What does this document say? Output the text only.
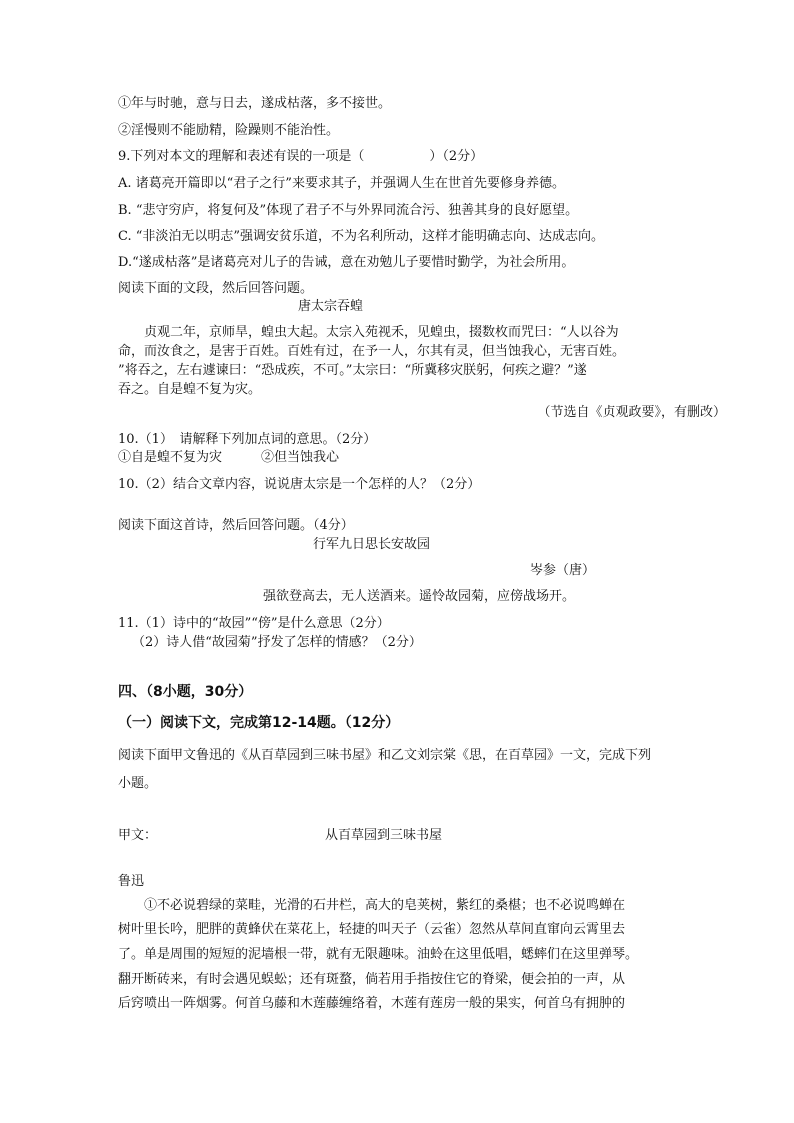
①年与时驰，意与日去，遂成枯落，多不接世。
②淫慢则不能励精，险躁则不能治性。
9.下列对本文的理解和表述有误的一项是（　　　　　）（2分）
A. 诸葛亮开篇即以“君子之行”来要求其子，并强调人生在世首先要修身养德。
B. “悲守穷庐，将复何及”体现了君子不与外界同流合污、独善其身的良好愿望。
C. “非淡泊无以明志”强调安贫乐道，不为名利所动，这样才能明确志向、达成志向。
D.“遂成枯落”是诸葛亮对儿子的告诫，意在劝勉儿子要惜时勤学，为社会所用。
阅读下面的文段，然后回答问题。
唐太宗吞蝗
　　贞观二年，京师旱，蝗虫大起。太宗入苑视禾，见蝗虫，掇数枚而咒曰：“人以谷为
命，而汝食之，是害于百姓。百姓有过，在予一人，尔其有灵，但当蚀我心，无害百姓。
”将吞之，左右遽谏曰：“恐成疾，不可。”太宗曰：“所冀移灾朕躬，何疾之避？”遂
吞之。自是蝗不复为灾。
（节选自《贞观政要》，有删改）
10.（1）　请解释下列加点词的意思。（2分）
①自是蝗不复为灾　　　②但当蚀我心
10.（2）结合文章内容，说说唐太宗是一个怎样的人？（2分）
阅读下面这首诗，然后回答问题。（4分）
行军九日思长安故园
岑参（唐）
强欲登高去，无人送酒来。遥怜故园菊，应傍战场开。
11.（1）诗中的“故园”“傍”是什么意思（2分）
（2）诗人借“故园菊”抒发了怎样的情感？（2分）
四、（8小题，30分）
（一）阅读下文，完成第12-14题。（12分）
阅读下面甲文鲁迅的《从百草园到三味书屋》和乙文刘宗棠《思，在百草园》一文，完成下列
小题。
甲文：	从百草园到三味书屋
鲁迅
　　①不必说碧绿的菜畦，光滑的石井栏，高大的皂荚树，紫红的桑椹；也不必说鸣蝉在
树叶里长吟，肥胖的黄蜂伏在菜花上，轻捷的叫天子（云雀）忽然从草间直窜向云霄里去
了。单是周围的短短的泥墙根一带，就有无限趣味。油蛉在这里低唱，蟋蟀们在这里弹琴。
翻开断砖来，有时会遇见蜈蚣；还有斑蝥，倘若用手指按住它的脊梁，便会拍的一声，从
后窍喷出一阵烟雾。何首乌藤和木莲藤缠络着，木莲有莲房一般的果实，何首乌有拥肿的
